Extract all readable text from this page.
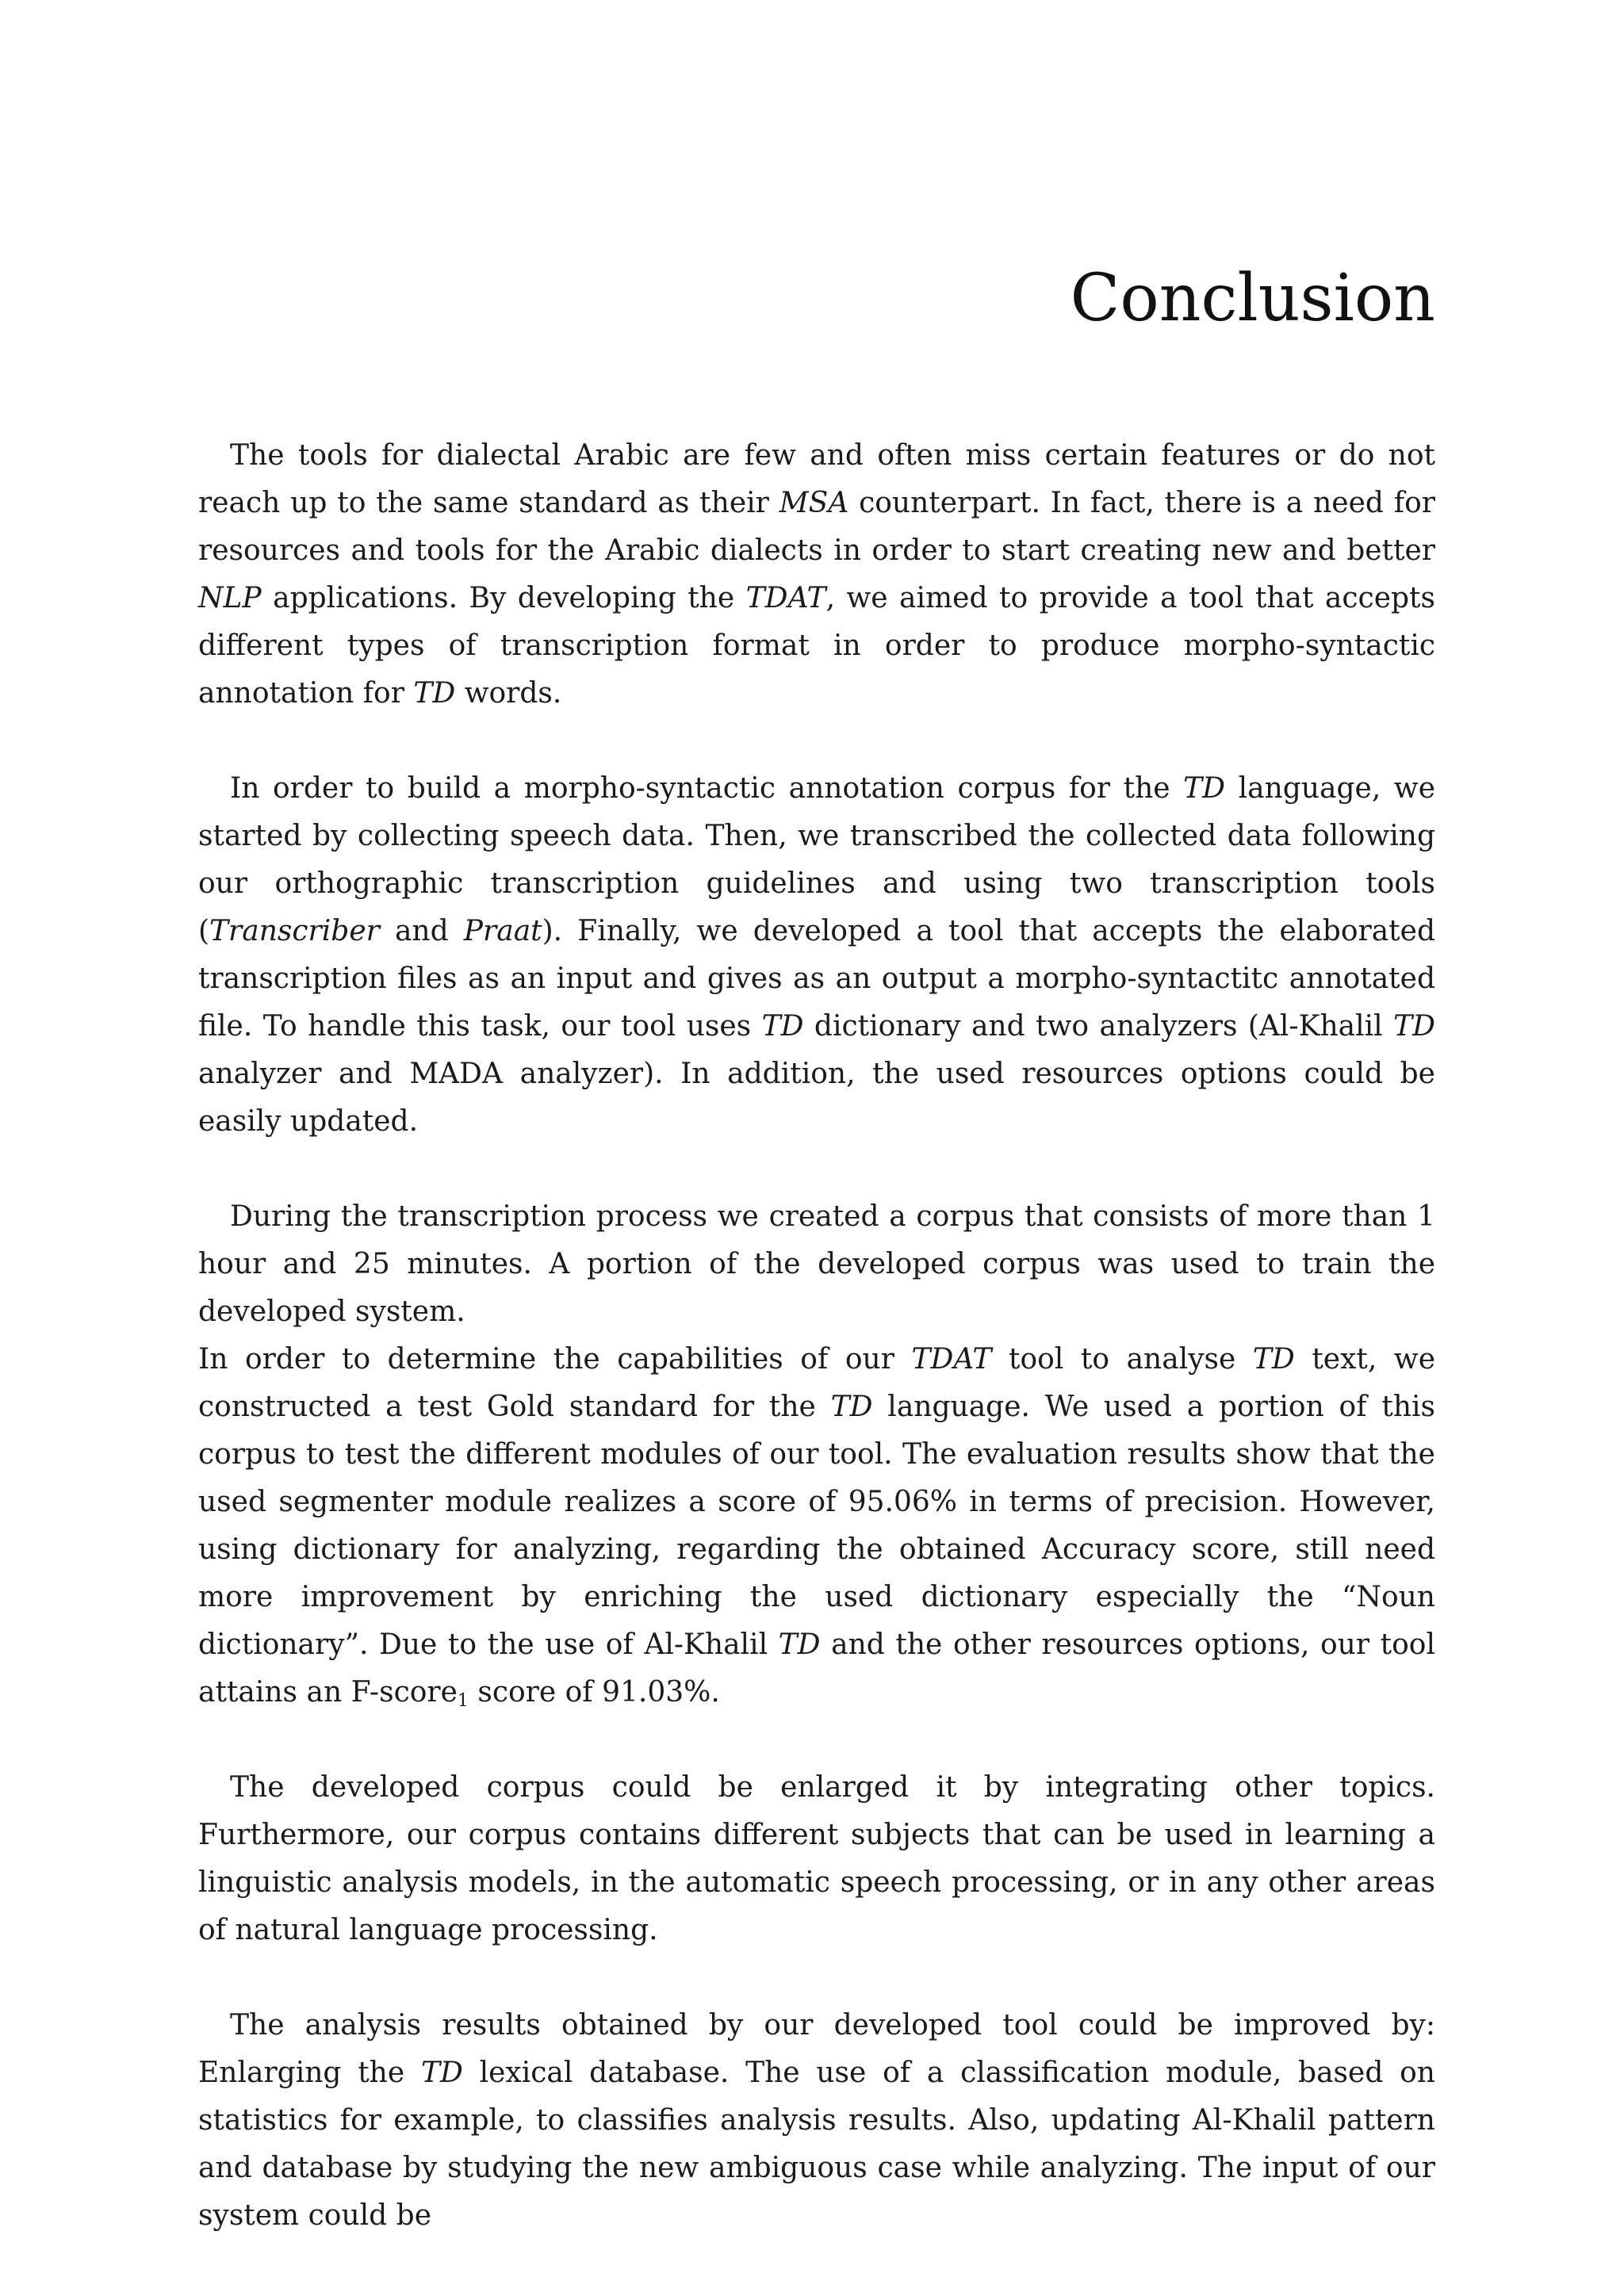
Conclusion

The tools for dialectal Arabic are few and often miss certain features or do not reach up to the same standard as their MSA counterpart. In fact, there is a need for resources and tools for the Arabic dialects in order to start creating new and better NLP applications. By developing the TDAT, we aimed to provide a tool that accepts different types of transcription format in order to produce morpho-syntactic annotation for TD words.

In order to build a morpho-syntactic annotation corpus for the TD language, we started by collecting speech data. Then, we transcribed the collected data following our orthographic transcription guidelines and using two transcription tools (Transcriber and Praat). Finally, we developed a tool that accepts the elaborated transcription files as an input and gives as an output a morpho-syntactitc annotated file. To handle this task, our tool uses TD dictionary and two analyzers (Al-Khalil TD analyzer and MADA analyzer). In addition, the used resources options could be easily updated.

During the transcription process we created a corpus that consists of more than 1 hour and 25 minutes. A portion of the developed corpus was used to train the developed system.

In order to determine the capabilities of our TDAT tool to analyse TD text, we constructed a test Gold standard for the TD language. We used a portion of this corpus to test the different modules of our tool. The evaluation results show that the used segmenter module realizes a score of 95.06% in terms of precision. However, using dictionary for analyzing, regarding the obtained Accuracy score, still need more improvement by enriching the used dictionary especially the “Noun dictionary”. Due to the use of Al-Khalil TD and the other resources options, our tool attains an F-score$_1$ score of 91.03%.

The developed corpus could be enlarged it by integrating other topics. Furthermore, our corpus contains different subjects that can be used in learning a linguistic analysis models, in the automatic speech processing, or in any other areas of natural language processing.

The analysis results obtained by our developed tool could be improved by: Enlarging the TD lexical database. The use of a classification module, based on statistics for example, to classifies analysis results. Also, updating Al-Khalil pattern and database by studying the new ambiguous case while analyzing. The input of our system could be
